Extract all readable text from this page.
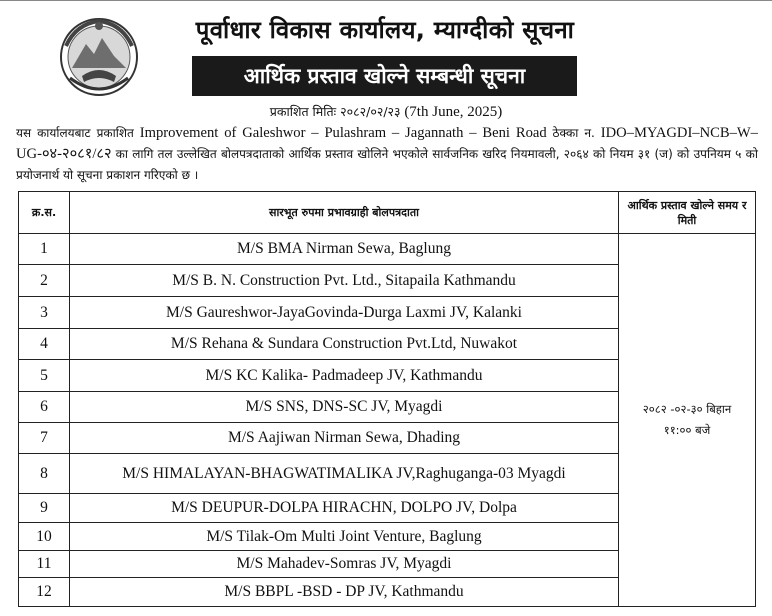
पूर्वाधार विकास कार्यालय, म्याग्दीको सूचना
आर्थिक प्रस्ताव खोल्ने सम्बन्धी सूचना
प्रकाशित मितिः २०८२/०२/२३ (7th June, 2025)
यस कार्यालयबाट प्रकाशित Improvement of Galeshwor – Pulashram – Jagannath – Beni Road ठेक्का न. IDO–MYAGDI–NCB–W–UG-०४-२०८१/८२ का लागि तल उल्लेखित बोलपत्रदाताको आर्थिक प्रस्ताव खोलिने भएकोले सार्वजनिक खरिद नियमावली, २०६४ को नियम ३१ (ज) को उपनियम ५ को प्रयोजनार्थ यो सूचना प्रकाशन गरिएको छ ।
क्र.स.	सारभूत रुपमा प्रभावग्राही बोलपत्रदाता	आर्थिक प्रस्ताव खोल्ने समय र मिती
1	M/S BMA Nirman Sewa, Baglung	२०८२ -०२-३० बिहान
११:०० बजे

2	M/S B. N. Construction Pvt. Ltd., Sitapaila Kathmandu	
3	M/S Gaureshwor-JayaGovinda-Durga Laxmi JV, Kalanki	
4	M/S Rehana & Sundara Construction Pvt.Ltd, Nuwakot	
5	M/S KC Kalika- Padmadeep JV, Kathmandu	
6	M/S SNS, DNS-SC JV, Myagdi	
7	M/S Aajiwan Nirman Sewa, Dhading	
8	M/S HIMALAYAN-BHAGWATIMALIKA JV,Raghuganga-03 Myagdi	
9	M/S DEUPUR-DOLPA HIRACHN, DOLPO JV, Dolpa	
10	M/S Tilak-Om Multi Joint Venture, Baglung	
11	M/S Mahadev-Somras JV, Myagdi	
12	M/S BBPL -BSD - DP JV, Kathmandu	
